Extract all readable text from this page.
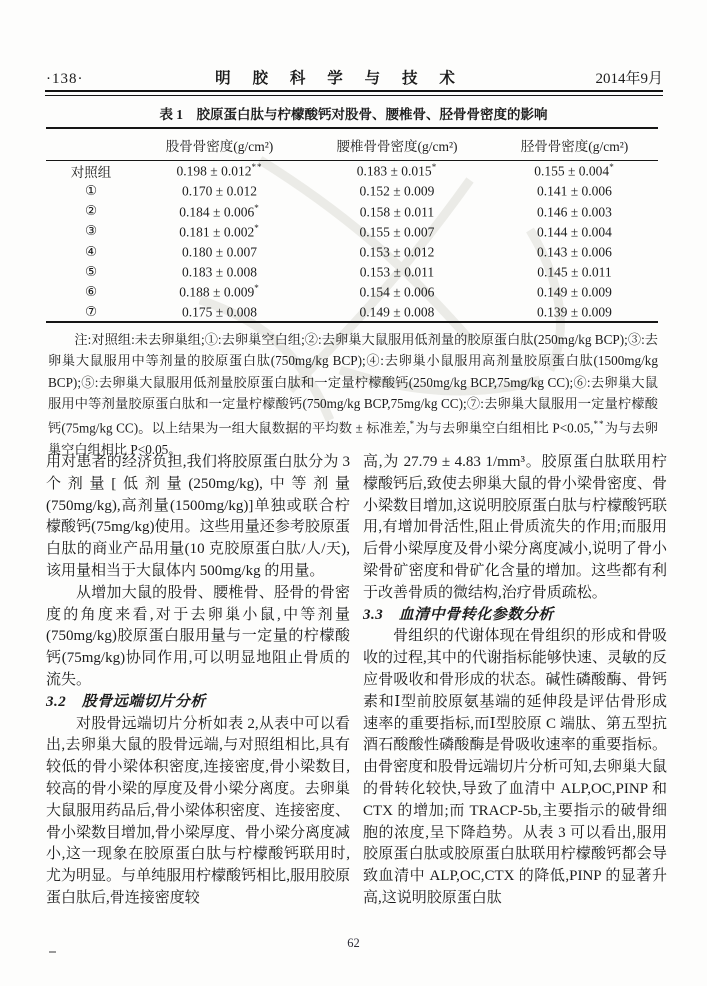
·138·	明 胶 科 学 与 技 术	2014年9月
表 1　胶原蛋白肽与柠檬酸钙对股骨、腰椎骨、胫骨骨密度的影响
	股骨骨密度(g/cm²)	腰椎骨骨密度(g/cm²)	胫骨骨密度(g/cm²)
对照组	0.198 ± 0.012**	0.183 ± 0.015*	0.155 ± 0.004*
①	0.170 ± 0.012	0.152 ± 0.009	0.141 ± 0.006
②	0.184 ± 0.006*	0.158 ± 0.011	0.146 ± 0.003
③	0.181 ± 0.002*	0.155 ± 0.007	0.144 ± 0.004
④	0.180 ± 0.007	0.153 ± 0.012	0.143 ± 0.006
⑤	0.183 ± 0.008	0.153 ± 0.011	0.145 ± 0.011
⑥	0.188 ± 0.009*	0.154 ± 0.006	0.149 ± 0.009
⑦	0.175 ± 0.008	0.149 ± 0.008	0.139 ± 0.009

注:对照组:未去卵巢组;①:去卵巢空白组;②:去卵巢大鼠服用低剂量的胶原蛋白肽(250mg/kg BCP);③:去卵巢大鼠服用中等剂量的胶原蛋白肽(750mg/kg BCP);④:去卵巢小鼠服用高剂量胶原蛋白肽(1500mg/kg BCP);⑤:去卵巢大鼠服用低剂量胶原蛋白肽和一定量柠檬酸钙(250mg/kg BCP,75mg/kg CC);⑥:去卵巢大鼠服用中等剂量胶原蛋白肽和一定量柠檬酸钙(750mg/kg BCP,75mg/kg CC);⑦:去卵巢大鼠服用一定量柠檬酸钙(75mg/kg CC)。以上结果为一组大鼠数据的平均数 ± 标准差,*为与去卵巢空白组相比 P<0.05,**为与去卵巢空白组相比 P<0.05。

用对患者的经济负担,我们将胶原蛋白肽分为 3 个剂量[低剂量(250mg/kg),中等剂量(750mg/kg),高剂量(1500mg/kg)]单独或联合柠檬酸钙(75mg/kg)使用。这些用量还参考胶原蛋白肽的商业产品用量(10 克胶原蛋白肽/人/天),该用量相当于大鼠体内 500mg/kg 的用量。

从增加大鼠的股骨、腰椎骨、胫骨的骨密度的角度来看,对于去卵巢小鼠,中等剂量(750mg/kg)胶原蛋白服用量与一定量的柠檬酸钙(75mg/kg)协同作用,可以明显地阻止骨质的流失。

3.2　股骨远端切片分析

对股骨远端切片分析如表 2,从表中可以看出,去卵巢大鼠的股骨远端,与对照组相比,具有较低的骨小梁体积密度,连接密度,骨小梁数目,较高的骨小梁的厚度及骨小梁分离度。去卵巢大鼠服用药品后,骨小梁体积密度、连接密度、骨小梁数目增加,骨小梁厚度、骨小梁分离度减小,这一现象在胶原蛋白肽与柠檬酸钙联用时,尤为明显。与单纯服用柠檬酸钙相比,服用胶原蛋白肽后,骨连接密度较

高,为 27.79 ± 4.83 1/mm³。胶原蛋白肽联用柠檬酸钙后,致使去卵巢大鼠的骨小梁骨密度、骨小梁数目增加,这说明胶原蛋白肽与柠檬酸钙联用,有增加骨活性,阻止骨质流失的作用;而服用后骨小梁厚度及骨小梁分离度减小,说明了骨小梁骨矿密度和骨矿化含量的增加。这些都有利于改善骨质的微结构,治疗骨质疏松。

3.3　血清中骨转化参数分析

骨组织的代谢体现在骨组织的形成和骨吸收的过程,其中的代谢指标能够快速、灵敏的反应骨吸收和骨形成的状态。碱性磷酸酶、骨钙素和Ⅰ型前胶原氨基端的延伸段是评估骨形成速率的重要指标,而Ⅰ型胶原 C 端肽、第五型抗酒石酸酸性磷酸酶是骨吸收速率的重要指标。由骨密度和股骨远端切片分析可知,去卵巢大鼠的骨转化较快,导致了血清中 ALP,OC,PINP 和 CTX 的增加;而 TRACP-5b,主要指示的破骨细胞的浓度,呈下降趋势。从表 3 可以看出,服用胶原蛋白肽或胶原蛋白肽联用柠檬酸钙都会导致血清中 ALP,OC,CTX 的降低,PINP 的显著升高,这说明胶原蛋白肽

62
